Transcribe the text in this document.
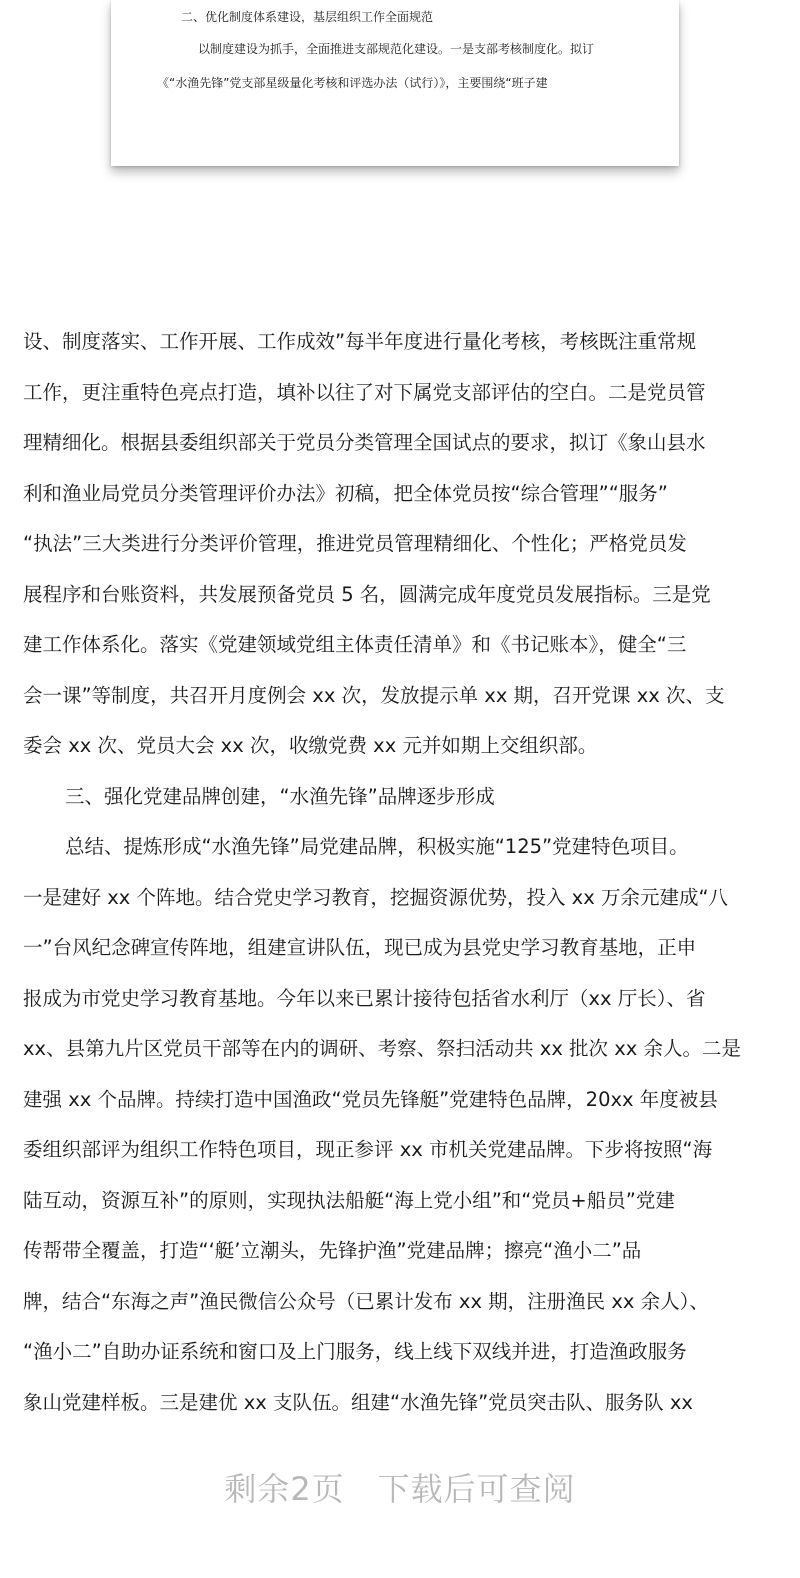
二、优化制度体系建设，基层组织工作全面规范
以制度建设为抓手，全面推进支部规范化建设。一是支部考核制度化。拟订
《“水渔先锋”党支部星级量化考核和评选办法（试行）》，主要围绕“班子建
设、制度落实、工作开展、工作成效”每半年度进行量化考核，考核既注重常规
工作，更注重特色亮点打造，填补以往了对下属党支部评估的空白。二是党员管
理精细化。根据县委组织部关于党员分类管理全国试点的要求，拟订《象山县水
利和渔业局党员分类管理评价办法》初稿，把全体党员按“综合管理”“服务”
“执法”三大类进行分类评价管理，推进党员管理精细化、个性化；严格党员发
展程序和台账资料，共发展预备党员 5 名，圆满完成年度党员发展指标。三是党
建工作体系化。落实《党建领域党组主体责任清单》和《书记账本》，健全“三
会一课”等制度，共召开月度例会 xx 次，发放提示单 xx 期，召开党课 xx 次、支
委会 xx 次、党员大会 xx 次，收缴党费 xx 元并如期上交组织部。
三、强化党建品牌创建，“水渔先锋”品牌逐步形成
总结、提炼形成“水渔先锋”局党建品牌，积极实施“125”党建特色项目。
一是建好 xx 个阵地。结合党史学习教育，挖掘资源优势，投入 xx 万余元建成“八
一”台风纪念碑宣传阵地，组建宣讲队伍，现已成为县党史学习教育基地，正申
报成为市党史学习教育基地。今年以来已累计接待包括省水利厅（xx 厅长）、省
xx、县第九片区党员干部等在内的调研、考察、祭扫活动共 xx 批次 xx 余人。二是
建强 xx 个品牌。持续打造中国渔政“党员先锋艇”党建特色品牌，20xx 年度被县
委组织部评为组织工作特色项目，现正参评 xx 市机关党建品牌。下步将按照“海
陆互动，资源互补”的原则，实现执法船艇“海上党小组”和“党员+船员”党建
传帮带全覆盖，打造“‘艇’立潮头，先锋护渔”党建品牌；擦亮“渔小二”品
牌，结合“东海之声”渔民微信公众号（已累计发布 xx 期，注册渔民 xx 余人）、
“渔小二”自助办证系统和窗口及上门服务，线上线下双线并进，打造渔政服务
象山党建样板。三是建优 xx 支队伍。组建“水渔先锋”党员突击队、服务队 xx
剩余2页　下载后可查阅
